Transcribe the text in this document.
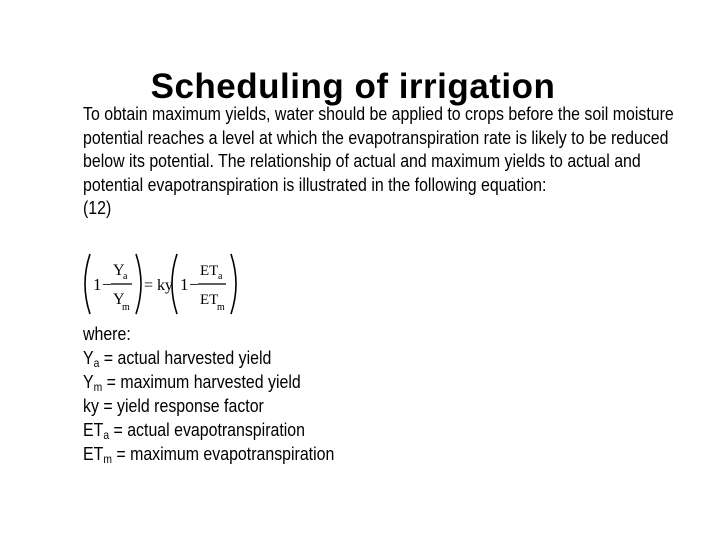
Scheduling of irrigation

To obtain maximum yields, water should be applied to crops before the soil moisture potential reaches a level at which the evapotranspiration rate is likely to be reduced below its potential. The relationship of actual and maximum yields to actual and potential evapotranspiration is illustrated in the following equation:

(12)

1 −
Y
a
Y
m
= ky 1 −
ET a
ET
m
where:
$Y_a$ = actual harvested yield
$Y_m$ = maximum harvested yield
ky = yield response factor
$ET_a$ = actual evapotranspiration
$ET_m$ = maximum evapotranspiration
